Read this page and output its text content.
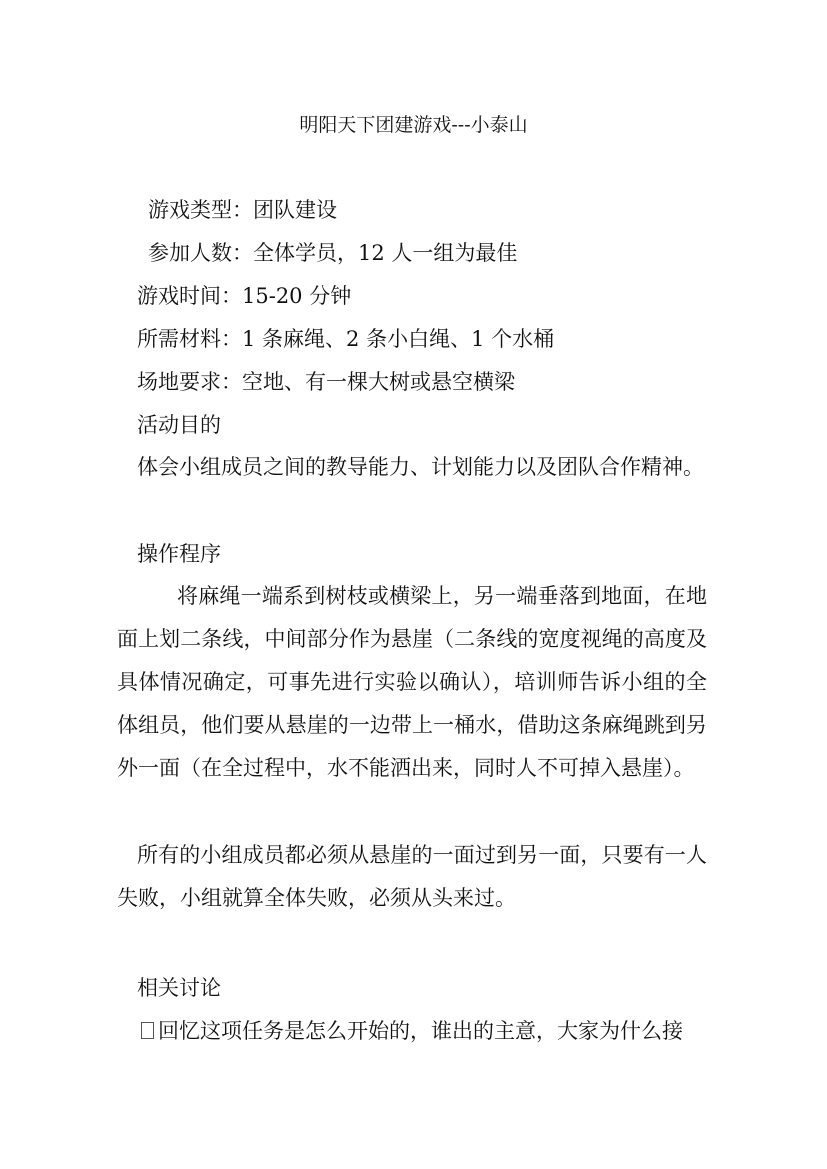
明阳天下团建游戏---小泰山
游戏类型：团队建设
参加人数：全体学员，12 人一组为最佳
游戏时间：15-20 分钟
所需材料：1 条麻绳、2 条小白绳、1 个水桶
场地要求：空地、有一棵大树或悬空横梁
活动目的

体会小组成员之间的教导能力、计划能力以及团队合作精神。

操作程序

将麻绳一端系到树枝或横梁上，另一端垂落到地面，在地面上划二条线，中间部分作为悬崖（二条线的宽度视绳的高度及具体情况确定，可事先进行实验以确认），培训师告诉小组的全体组员，他们要从悬崖的一边带上一桶水，借助这条麻绳跳到另外一面（在全过程中，水不能洒出来，同时人不可掉入悬崖）。

所有的小组成员都必须从悬崖的一面过到另一面，只要有一人失败，小组就算全体失败，必须从头来过。

相关讨论
回忆这项任务是怎么开始的，谁出的主意，大家为什么接
